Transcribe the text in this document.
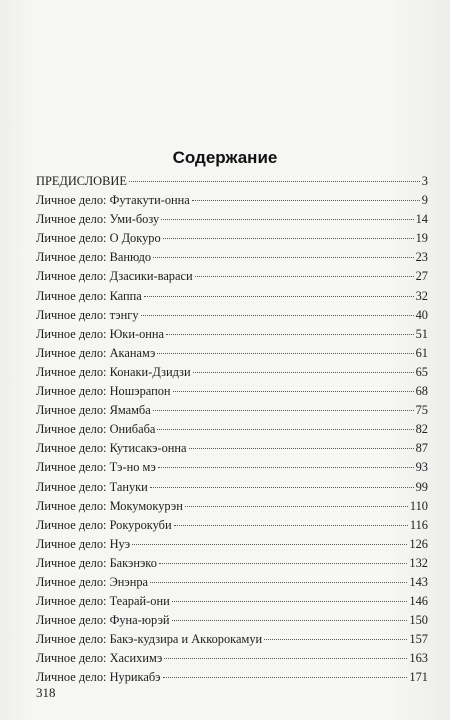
Содержание
ПРЕДИСЛОВИЕ	3
Личное дело: Футакути-онна	9
Личное дело: Уми-бозу	14
Личное дело: О Докуро	19
Личное дело: Ванюдо	23
Личное дело: Дзасики-вараси	27
Личное дело: Каппа	32
Личное дело: тэнгу	40
Личное дело: Юки-онна	51
Личное дело: Аканамэ	61
Личное дело: Конаки-Дзидзи	65
Личное дело: Ношэрапон	68
Личное дело: Ямамба	75
Личное дело: Онибаба	82
Личное дело: Кутисакэ-онна	87
Личное дело: Тэ-но мэ	93
Личное дело: Тануки	99
Личное дело: Мокумокурэн	110
Личное дело: Рокурокуби	116
Личное дело: Нуэ	126
Личное дело: Бакэнэко	132
Личное дело: Энэнра	143
Личное дело: Теарай-они	146
Личное дело: Фуна-юрэй	150
Личное дело: Бакэ-кудзира и Аккорокамуи	157
Личное дело: Хасихимэ	163
Личное дело: Нурикабэ	171
318
